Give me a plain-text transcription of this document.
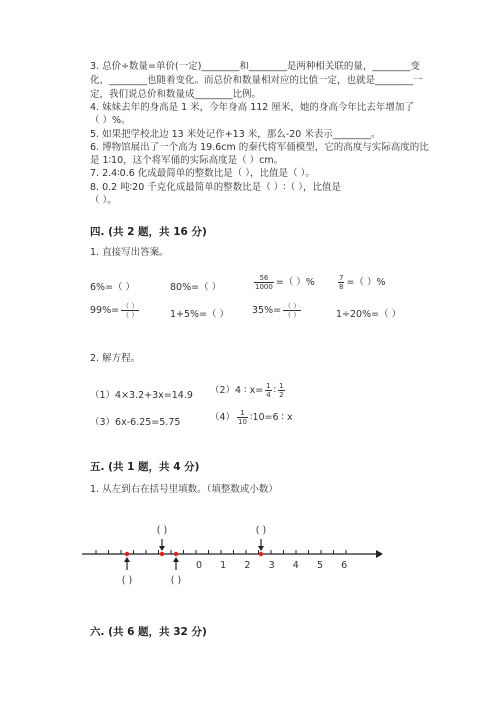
3. 总价÷数量=单价(一定)________和________是两种相关联的量，________变
化，________也随着变化。而总价和数量相对应的比值一定，也就是________一
定，我们说总价和数量成________比例。
4. 妹妹去年的身高是 1 米，今年身高 112 厘米，她的身高今年比去年增加了
（ ）%。
5. 如果把学校北边 13 米处记作+13 米，那么-20 米表示________。
6. 博物馆展出了一个高为 19.6cm 的秦代将军俑模型，它的高度与实际高度的比
是 1∶10，这个将军俑的实际高度是（ ）cm。
7. 2.4∶0.6 化成最简单的整数比是（ ），比值是（ ）。
8. 0.2 吨∶20 千克化成最简单的整数比是（ ）∶（ ），比值是
（ ）。
四. (共 2 题，共 16 分)
1. 直接写出答案。
6%=（ ）	80%=（ ）	$\frac{56}{1000}$ =（ ）%	$\frac{7}{8}$ =（ ）%
$99\%= \frac{( )}{( )}$	1+5%=（ ） $35\%= \frac{( )}{( )}$	1÷20%=（ ）
2. 解方程。
（1）4×3.2+3x=14.9 （2）4 ∶ $x= \frac{1}{4}$ ∶ $\frac{1}{2}$
（3）6x-6.25=5.75	$(4) \frac{1}{10}$ ∶10=6 ∶ x
五. (共 1 题，共 4 分)
1. 从左到右在括号里填数。（填整数或小数）
0 1 2 3 4 5 6
( )	( )
( )	( )
六. (共 6 题，共 32 分)
